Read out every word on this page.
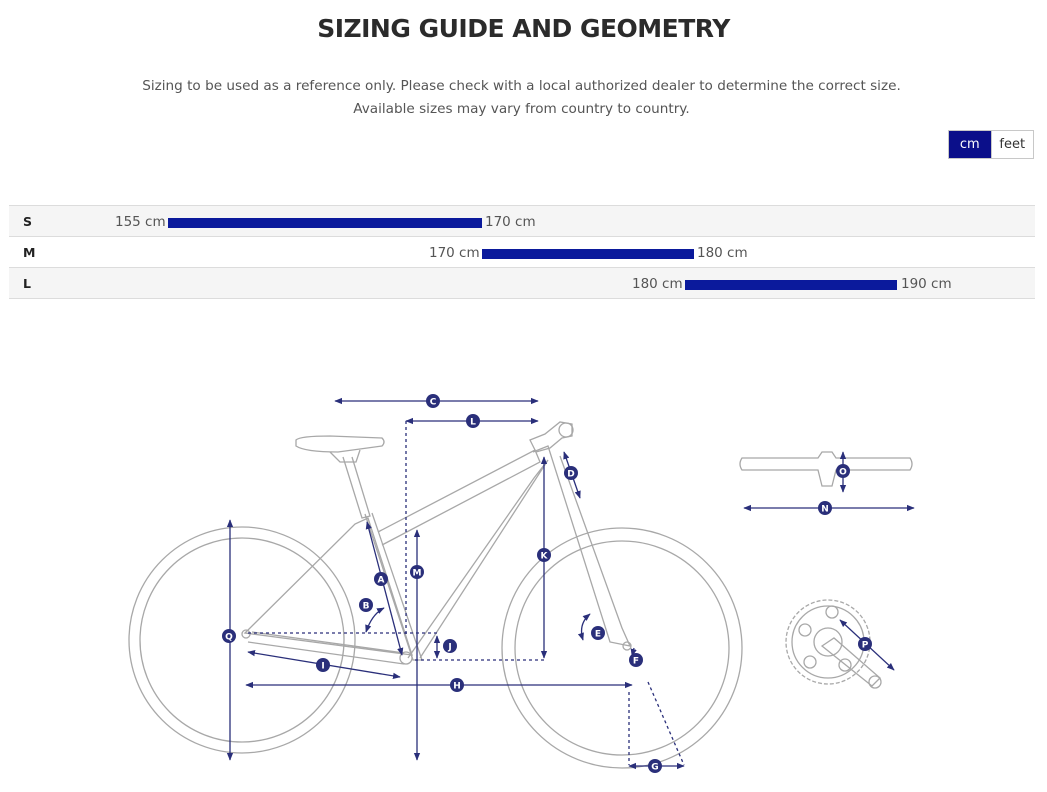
SIZING GUIDE AND GEOMETRY
Sizing to be used as a reference only. Please check with a local authorized dealer to determine the correct size.
Available sizes may vary from country to country.
cm	feet
S	155 cm	170 cm
M	170 cm	180 cm
L	180 cm	190 cm
C
L
D
K
M
A
B
E
Q
J
F
I
H
G
O
N
P
